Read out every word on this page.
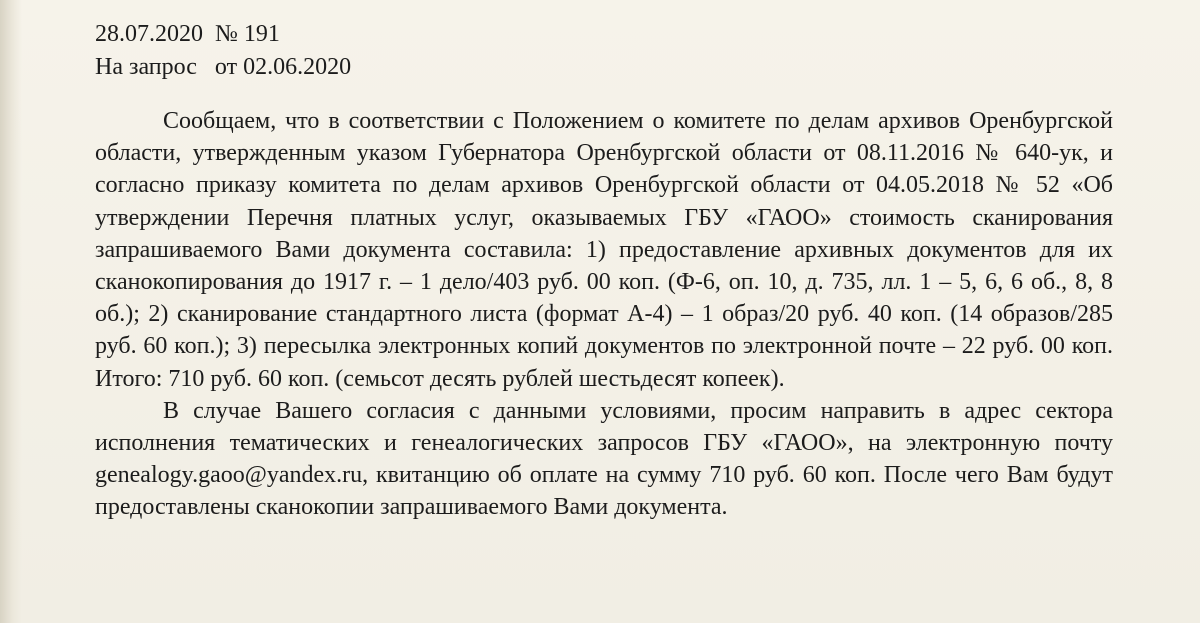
28.07.2020  № 191
На запрос   от 02.06.2020

Сообщаем, что в соответствии с Положением о комитете по делам архивов Оренбургской области, утвержденным указом Губернатора Оренбургской области от 08.11.2016 № 640-ук, и согласно приказу комитета по делам архивов Оренбургской области от 04.05.2018 № 52 «Об утверждении Перечня платных услуг, оказываемых ГБУ «ГАОО» стоимость сканирования запрашиваемого Вами документа составила: 1) предоставление архивных документов для их сканокопирования до 1917 г. – 1 дело/403 руб. 00 коп. (Ф-6, оп. 10, д. 735, лл. 1 – 5, 6, 6 об., 8, 8 об.); 2) сканирование стандартного листа (формат А-4) – 1 образ/20 руб. 40 коп. (14 образов/285 руб. 60 коп.); 3) пересылка электронных копий документов по электронной почте – 22 руб. 00 коп. Итого: 710 руб. 60 коп. (семьсот десять рублей шестьдесят копеек).

В случае Вашего согласия с данными условиями, просим направить в адрес сектора исполнения тематических и генеалогических запросов ГБУ «ГАОО», на электронную почту genealogy.gaoo@yandex.ru, квитанцию об оплате на сумму 710 руб. 60 коп. После чего Вам будут предоставлены сканокопии запрашиваемого Вами документа.
